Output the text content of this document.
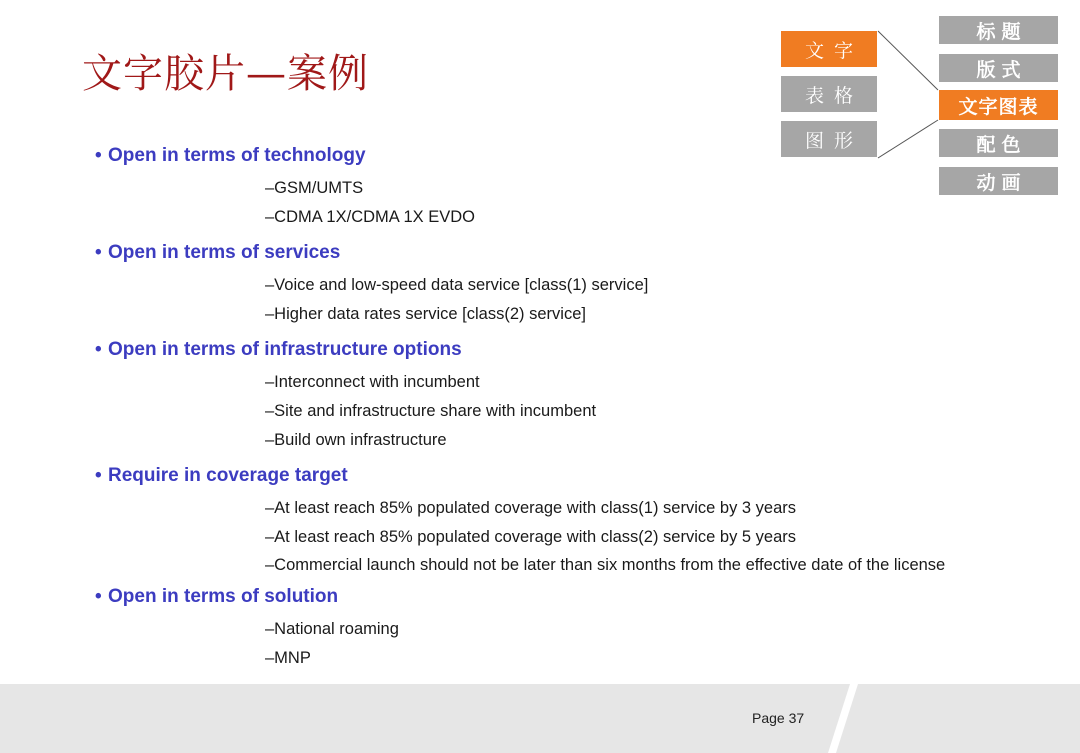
文字胶片—案例
文字
表格
图形
标题
版式
文字图表
配色
动画

• Open in terms of technology

–GSM/UMTS
–CDMA 1X/CDMA 1X EVDO

• Open in terms of services

–Voice and low-speed data service [class(1) service]
–Higher data rates service [class(2) service]

• Open in terms of infrastructure options

–Interconnect with incumbent
–Site and infrastructure share with incumbent
–Build own infrastructure

• Require in coverage target

–At least reach 85% populated coverage with class(1) service by 3 years
–At least reach 85% populated coverage with class(2) service by 5 years
–Commercial launch should not be later than six months from the effective date of the license

• Open in terms of solution

–National roaming
–MNP
Page 37
